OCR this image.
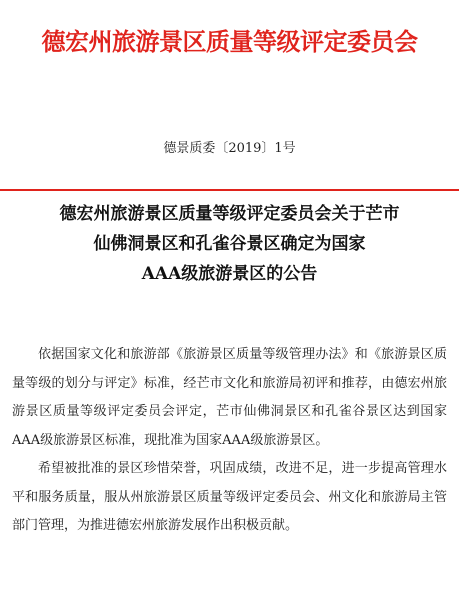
德宏州旅游景区质量等级评定委员会
德景质委〔2019〕1号
德宏州旅游景区质量等级评定委员会关于芒市
仙佛洞景区和孔雀谷景区确定为国家
AAA级旅游景区的公告

依据国家文化和旅游部《旅游景区质量等级管理办法》和《旅游景区质量等级的划分与评定》标准，经芒市文化和旅游局初评和推荐，由德宏州旅游景区质量等级评定委员会评定，芒市仙佛洞景区和孔雀谷景区达到国家AAA级旅游景区标准，现批准为国家AAA级旅游景区。

希望被批准的景区珍惜荣誉，巩固成绩，改进不足，进一步提高管理水平和服务质量，服从州旅游景区质量等级评定委员会、州文化和旅游局主管部门管理，为推进德宏州旅游发展作出积极贡献。
